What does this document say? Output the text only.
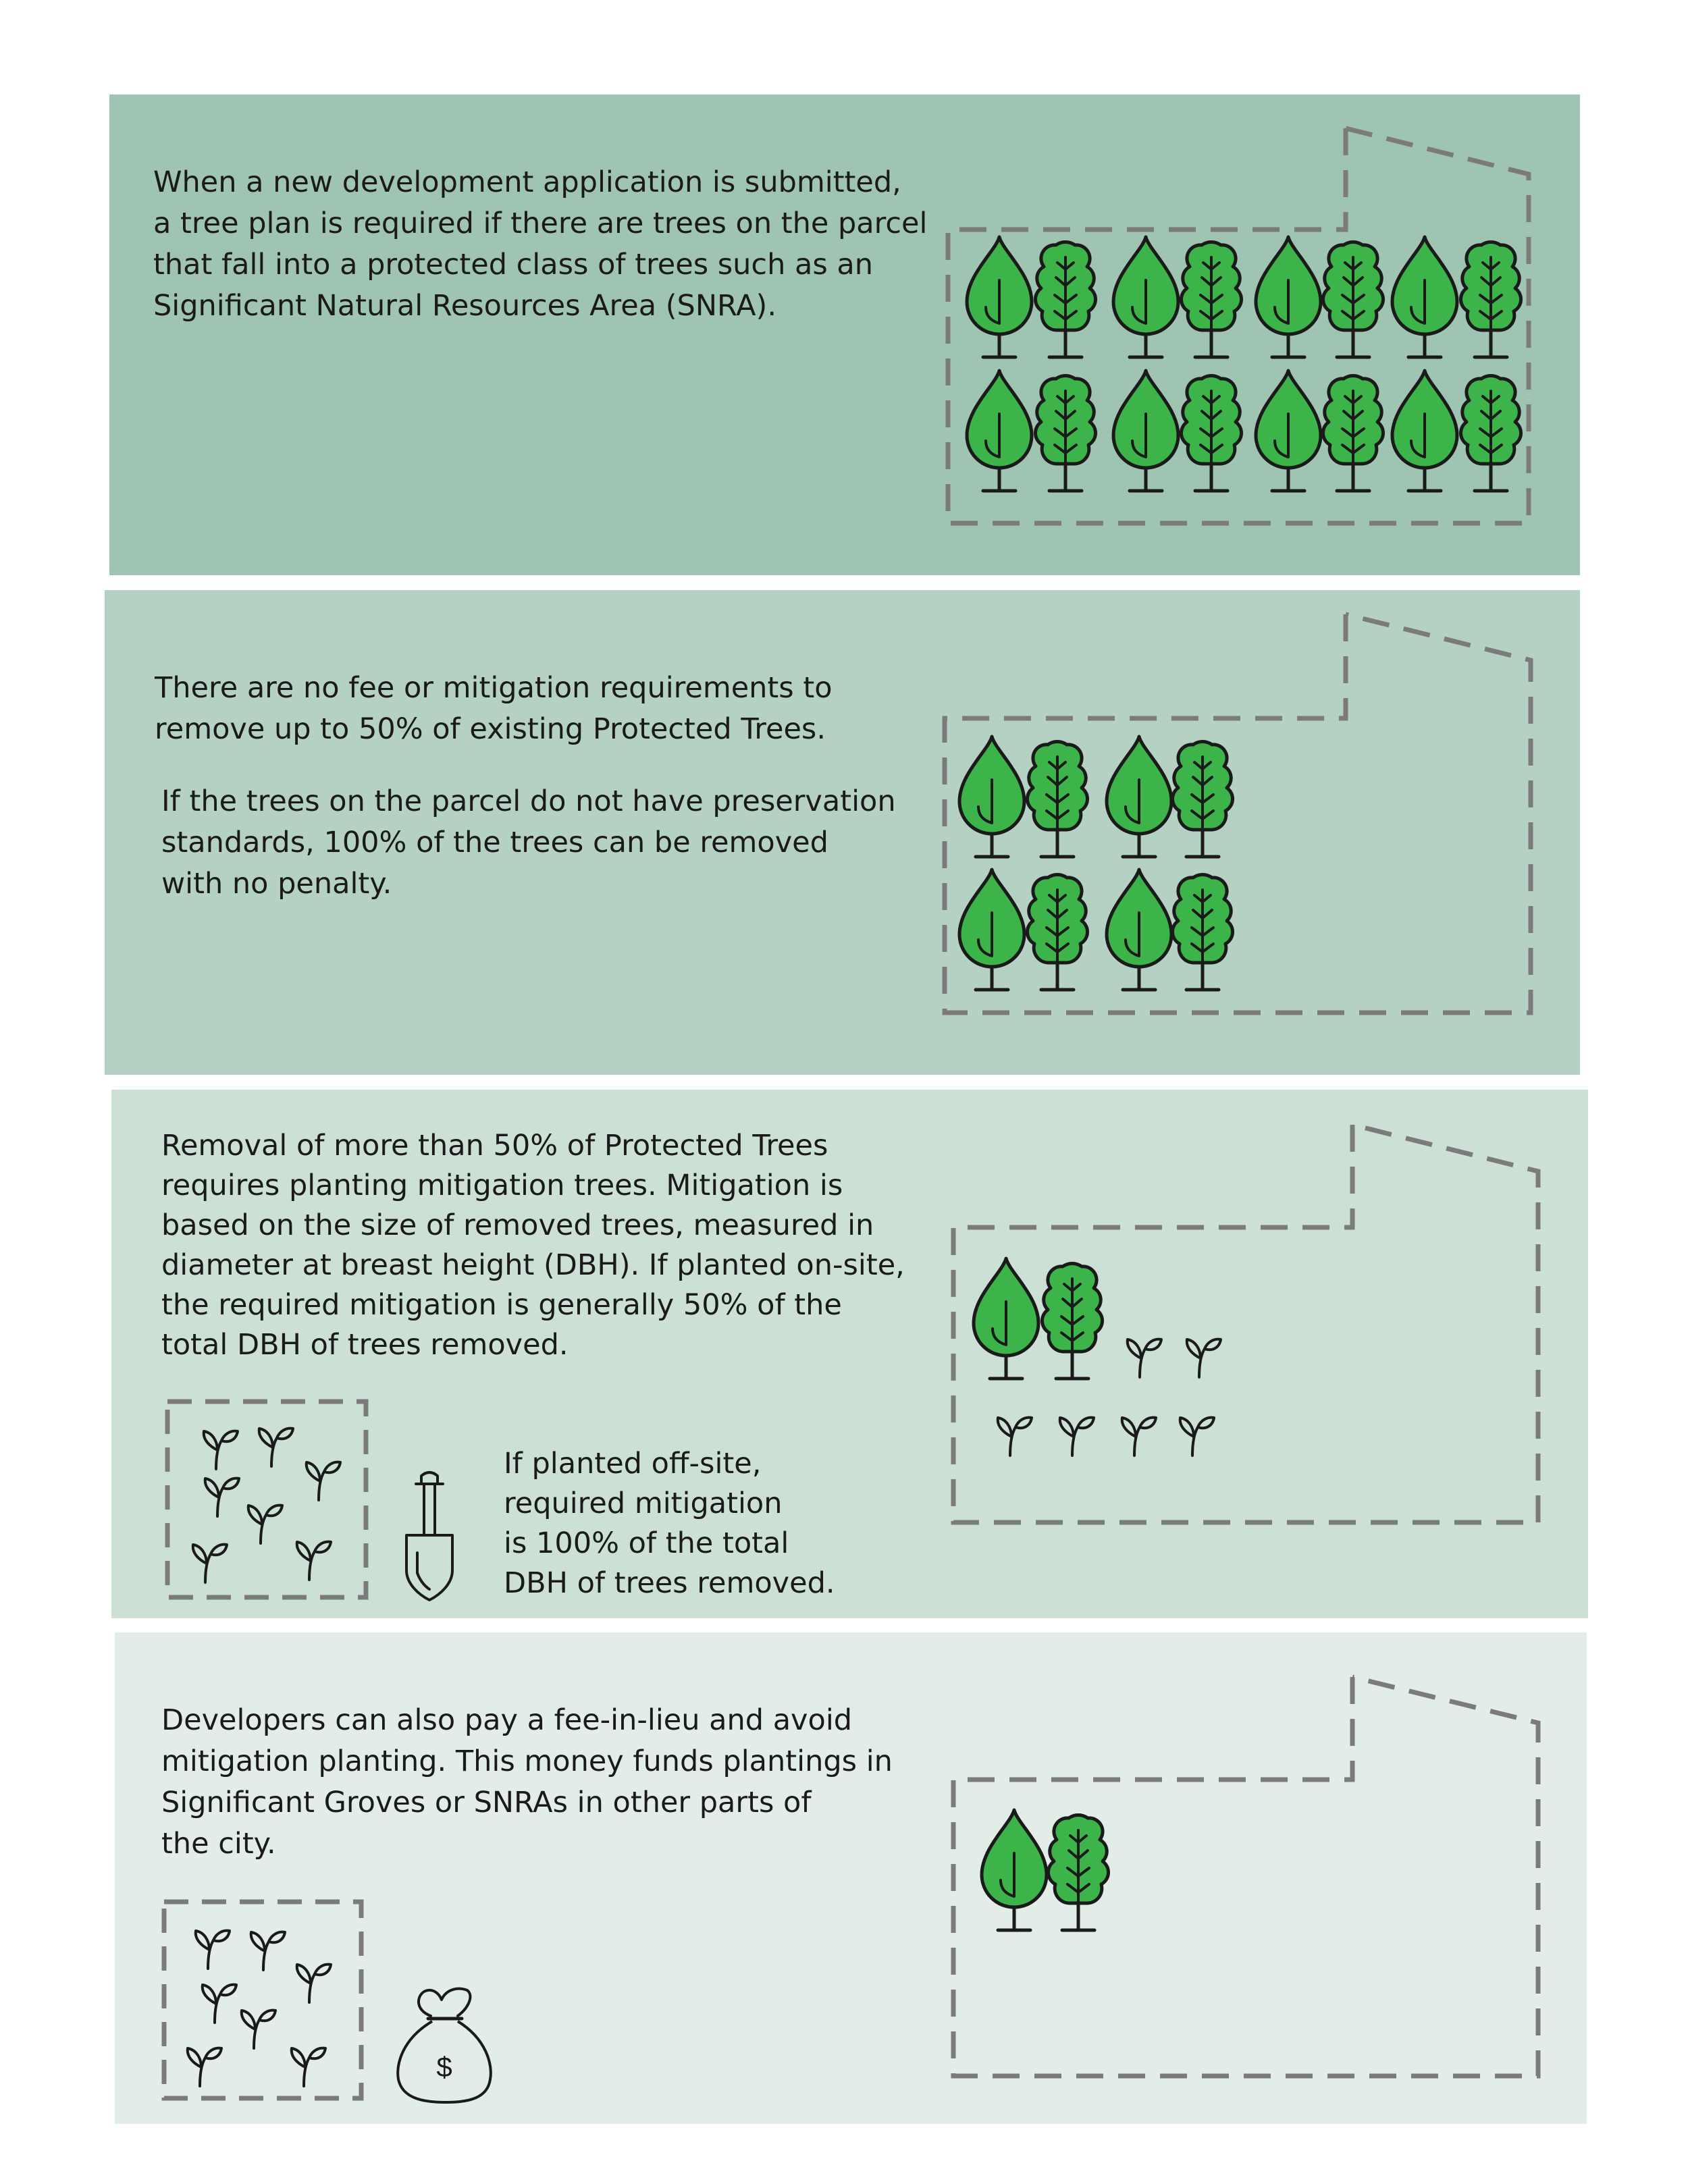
When a new development application is submitted,
a tree plan is required if there are trees on the parcel
that fall into a protected class of trees such as an
Significant Natural Resources Area (SNRA).

There are no fee or mitigation requirements to
remove up to 50% of existing Protected Trees.

If the trees on the parcel do not have preservation
standards, 100% of the trees can be removed
with no penalty.

Removal of more than 50% of Protected Trees
requires planting mitigation trees. Mitigation is
based on the size of removed trees, measured in
diameter at breast height (DBH). If planted on-site,
the required mitigation is generally 50% of the
total DBH of trees removed.

If planted off-site,
required mitigation
is 100% of the total
DBH of trees removed.

Developers can also pay a fee-in-lieu and avoid
mitigation planting. This money funds plantings in
Significant Groves or SNRAs in other parts of
the city.

$
